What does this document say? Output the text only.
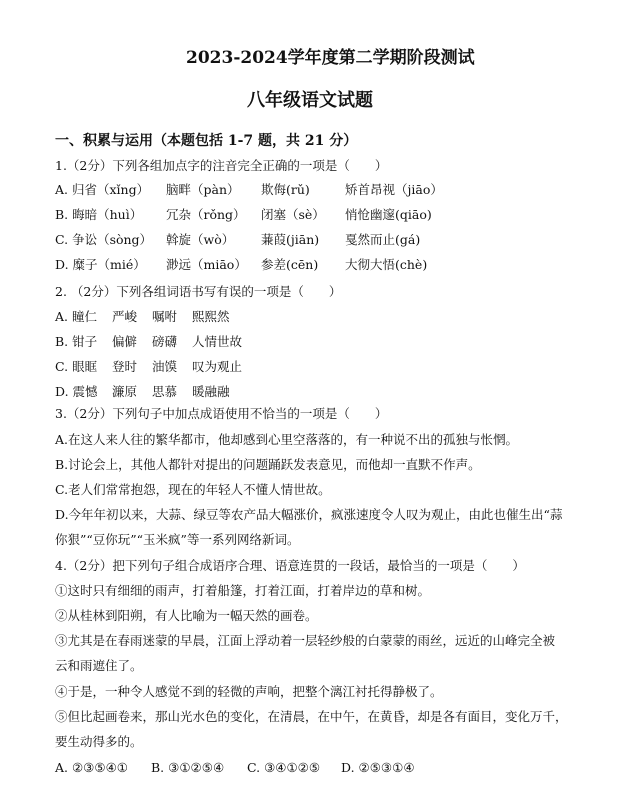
2023-2024学年度第二学期阶段测试
八年级语文试题
一、积累与运用（本题包括 1-7 题，共 21 分）
1.（2分）下列各组加点字的注音完全正确的一项是（　　）
A. 归省（xǐng） 脑畔（pàn） 欺侮(rǔ)	矫首昂视（jiāo）
B. 晦暗（huì） 冗杂（rǒng） 闭塞（sè） 悄怆幽邃(qiāo)
C. 争讼（sòng） 斡旋（wò） 蒹葭(jiān) 戛然而止(gá)
D. 糜子（mié） 渺远（miāo） 参差(cēn) 大彻大悟(chè)
2. （2分）下列各组词语书写有误的一项是（　　）
A. 瞳仁 严峻 嘱咐 熙熙然
B. 钳子 偏僻 磅礴 人情世故
C. 眼眶 登时 油馍 叹为观止
D. 震憾 濂原 思慕 暖融融
3.（2分）下列句子中加点成语使用不恰当的一项是（　　）
A.在这人来人往的繁华都市，他却感到心里空落落的，有一种说不出的孤独与怅惘。
B.讨论会上，其他人都针对提出的问题踊跃发表意见，而他却一直默不作声。
C.老人们常常抱怨，现在的年轻人不懂人情世故。
D.今年年初以来，大蒜、绿豆等农产品大幅涨价，疯涨速度令人叹为观止，由此也催生出“蒜
你狠”“豆你玩”“玉米疯”等一系列网络新词。
4.（2分）把下列句子组合成语序合理、语意连贯的一段话，最恰当的一项是（　　）
①这时只有细细的雨声，打着船篷，打着江面，打着岸边的草和树。
②从桂林到阳朔，有人比喻为一幅天然的画卷。
③尤其是在春雨迷蒙的早晨，江面上浮动着一层轻纱般的白蒙蒙的雨丝，远近的山峰完全被
云和雨遮住了。
④于是，一种令人感觉不到的轻微的声响，把整个漓江衬托得静极了。
⑤但比起画卷来，那山光水色的变化，在清晨，在中午，在黄昏，却是各有面目，变化万千，
要生动得多的。
A. ②③⑤④① B. ③①②⑤④ C. ③④①②⑤ D. ②⑤③①④
